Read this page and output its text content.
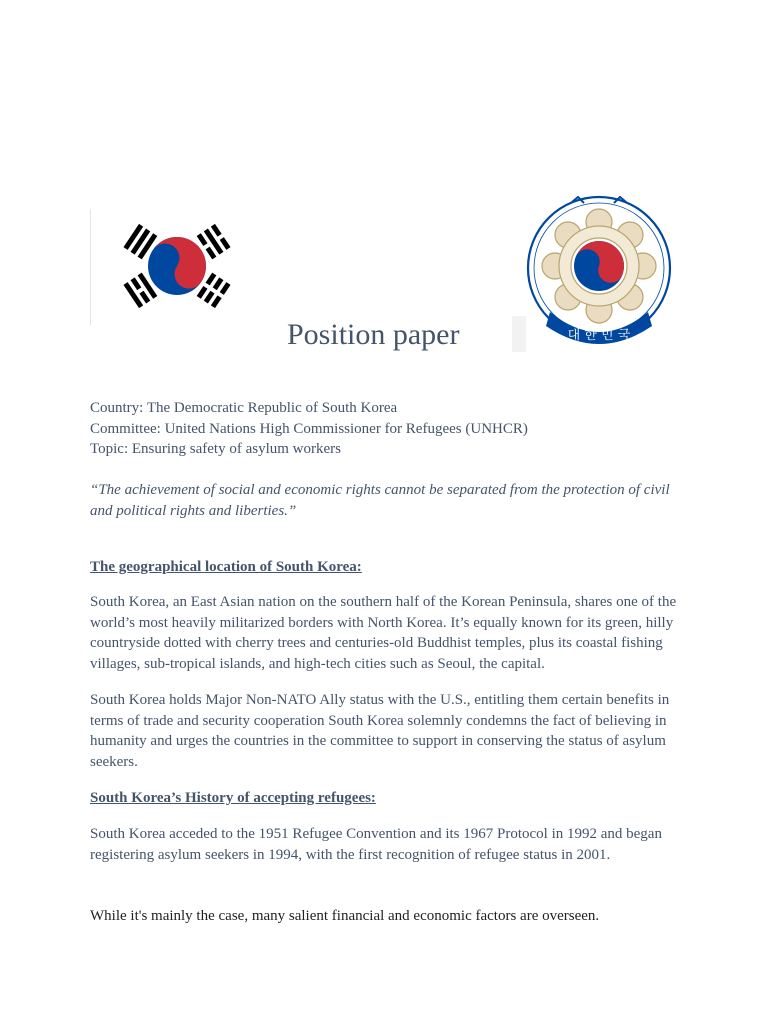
Position paper	대 한 민 국
Country: The Democratic Republic of South Korea
Committee: United Nations High Commissioner for Refugees (UNHCR)
Topic: Ensuring safety of asylum workers
“The achievement of social and economic rights cannot be separated from the protection of civil and political rights and liberties.”
The geographical location of South Korea:
South Korea, an East Asian nation on the southern half of the Korean Peninsula, shares one of the world’s most heavily militarized borders with North Korea. It’s equally known for its green, hilly countryside dotted with cherry trees and centuries-old Buddhist temples, plus its coastal fishing villages, sub-tropical islands, and high-tech cities such as Seoul, the capital.
South Korea holds Major Non-NATO Ally status with the U.S., entitling them certain benefits in terms of trade and security cooperation South Korea solemnly condemns the fact of believing in humanity and urges the countries in the committee to support in conserving the status of asylum seekers.
South Korea’s History of accepting refugees:
South Korea acceded to the 1951 Refugee Convention and its 1967 Protocol in 1992 and began registering asylum seekers in 1994, with the first recognition of refugee status in 2001.
While it's mainly the case, many salient financial and economic factors are overseen.
